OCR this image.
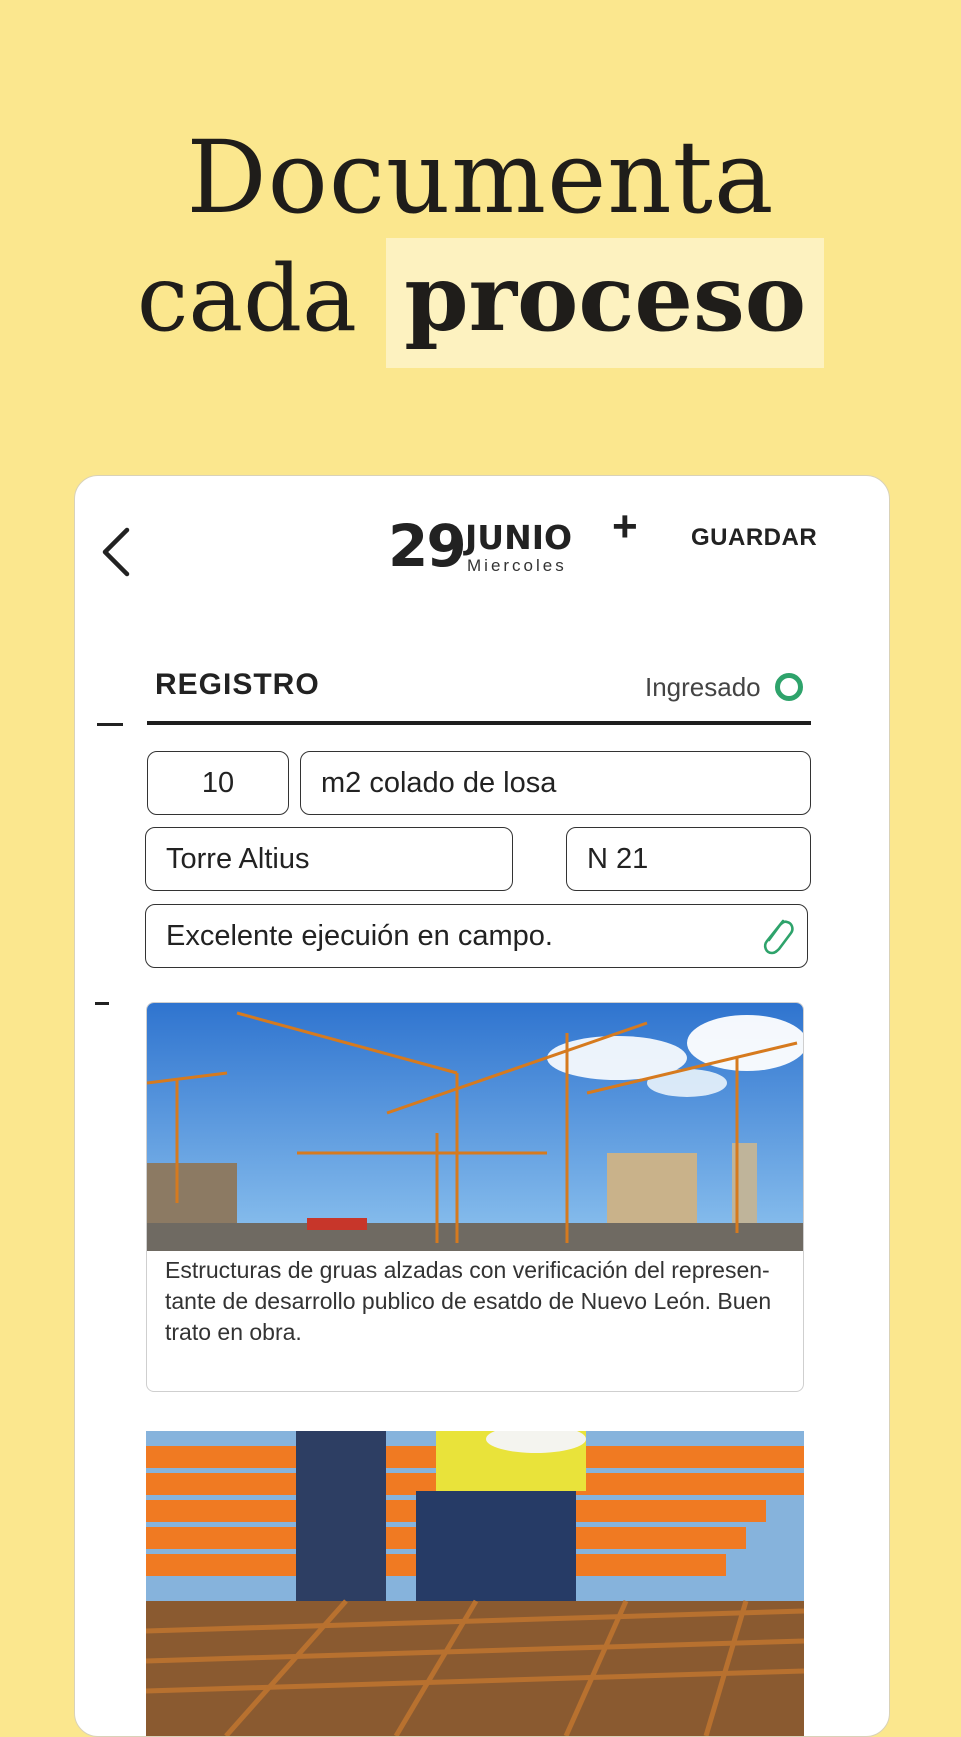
Documenta
cada proceso
29 JUNIO
Miercoles
+ GUARDAR
REGISTRO	Ingresado
10	m2 colado de losa
Torre Altius	N 21
Excelente ejecuión en campo.
Estructuras de gruas alzadas con verificación del represen-tante de desarrollo publico de esatdo de Nuevo León. Buen trato en obra.
